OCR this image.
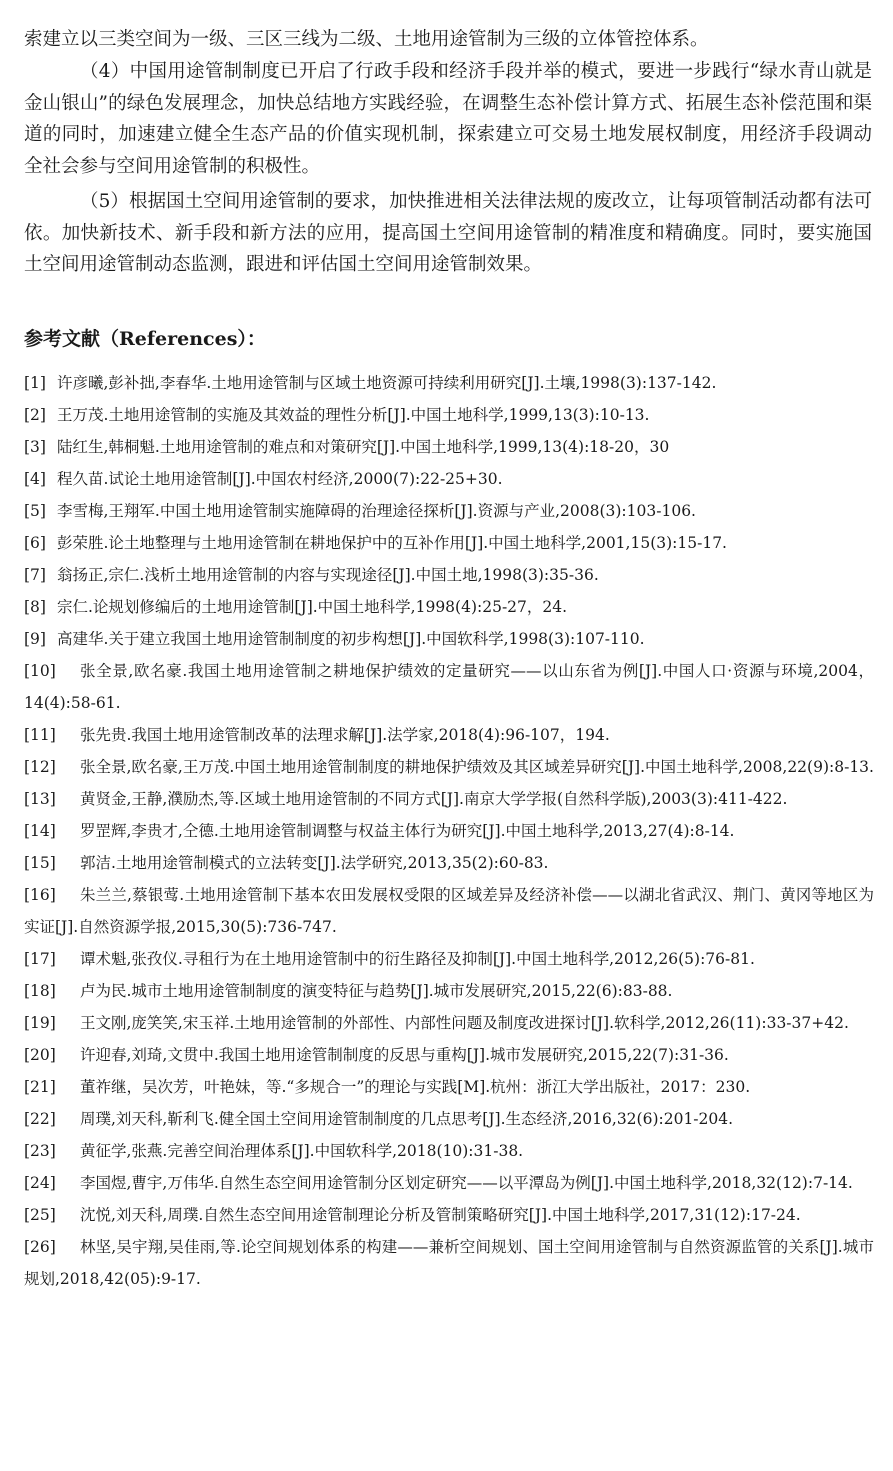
索建立以三类空间为一级、三区三线为二级、土地用途管制为三级的立体管控体系。

（4）中国用途管制制度已开启了行政手段和经济手段并举的模式，要进一步践行“绿水青山就是金山银山”的绿色发展理念，加快总结地方实践经验，在调整生态补偿计算方式、拓展生态补偿范围和渠道的同时，加速建立健全生态产品的价值实现机制，探索建立可交易土地发展权制度，用经济手段调动全社会参与空间用途管制的积极性。

（5）根据国土空间用途管制的要求，加快推进相关法律法规的废改立，让每项管制活动都有法可依。加快新技术、新手段和新方法的应用，提高国土空间用途管制的精准度和精确度。同时，要实施国土空间用途管制动态监测，跟进和评估国土空间用途管制效果。

参考文献（References）：
[1] 许彦曦,彭补拙,李春华.土地用途管制与区域土地资源可持续利用研究[J].土壤,1998(3):137-142.
[2] 王万茂.土地用途管制的实施及其效益的理性分析[J].中国土地科学,1999,13(3):10-13.
[3] 陆红生,韩桐魁.土地用途管制的难点和对策研究[J].中国土地科学,1999,13(4):18-20，30
[4] 程久苗.试论土地用途管制[J].中国农村经济,2000(7):22-25+30.
[5] 李雪梅,王翔军.中国土地用途管制实施障碍的治理途径探析[J].资源与产业,2008(3):103-106.
[6] 彭荣胜.论土地整理与土地用途管制在耕地保护中的互补作用[J].中国土地科学,2001,15(3):15-17.
[7] 翁扬正,宗仁.浅析土地用途管制的内容与实现途径[J].中国土地,1998(3):35-36.
[8] 宗仁.论规划修编后的土地用途管制[J].中国土地科学,1998(4):25-27，24.
[9] 高建华.关于建立我国土地用途管制制度的初步构想[J].中国软科学,1998(3):107-110.
[10]	张全景,欧名豪.我国土地用途管制之耕地保护绩效的定量研究——以山东省为例[J].中国人口·资源与环境,2004，14(4):58-61.
[11]	张先贵.我国土地用途管制改革的法理求解[J].法学家,2018(4):96-107，194.
[12]	张全景,欧名豪,王万茂.中国土地用途管制制度的耕地保护绩效及其区域差异研究[J].中国土地科学,2008,22(9):8-13.
[13]	黄贤金,王静,濮励杰,等.区域土地用途管制的不同方式[J].南京大学学报(自然科学版),2003(3):411-422.
[14]	罗罡辉,李贵才,仝德.土地用途管制调整与权益主体行为研究[J].中国土地科学,2013,27(4):8-14.
[15]	郭洁.土地用途管制模式的立法转变[J].法学研究,2013,35(2):60-83.
[16]	朱兰兰,蔡银莺.土地用途管制下基本农田发展权受限的区域差异及经济补偿——以湖北省武汉、荆门、黄冈等地区为实证[J].自然资源学报,2015,30(5):736-747.
[17]	谭术魁,张孜仪.寻租行为在土地用途管制中的衍生路径及抑制[J].中国土地科学,2012,26(5):76-81.
[18]	卢为民.城市土地用途管制制度的演变特征与趋势[J].城市发展研究,2015,22(6):83-88.
[19]	王文刚,庞笑笑,宋玉祥.土地用途管制的外部性、内部性问题及制度改进探讨[J].软科学,2012,26(11):33-37+42.
[20]	许迎春,刘琦,文贯中.我国土地用途管制制度的反思与重构[J].城市发展研究,2015,22(7):31-36.
[21]	董祚继，吴次芳，叶艳妹，等.“多规合一”的理论与实践[M].杭州：浙江大学出版社，2017：230.
[22]	周璞,刘天科,靳利飞.健全国土空间用途管制制度的几点思考[J].生态经济,2016,32(6):201-204.
[23]	黄征学,张燕.完善空间治理体系[J].中国软科学,2018(10):31-38.
[24]	李国煜,曹宇,万伟华.自然生态空间用途管制分区划定研究——以平潭岛为例[J].中国土地科学,2018,32(12):7-14.
[25]	沈悦,刘天科,周璞.自然生态空间用途管制理论分析及管制策略研究[J].中国土地科学,2017,31(12):17-24.
[26]	林坚,吴宇翔,吴佳雨,等.论空间规划体系的构建——兼析空间规划、国土空间用途管制与自然资源监管的关系[J].城市规划,2018,42(05):9-17.
